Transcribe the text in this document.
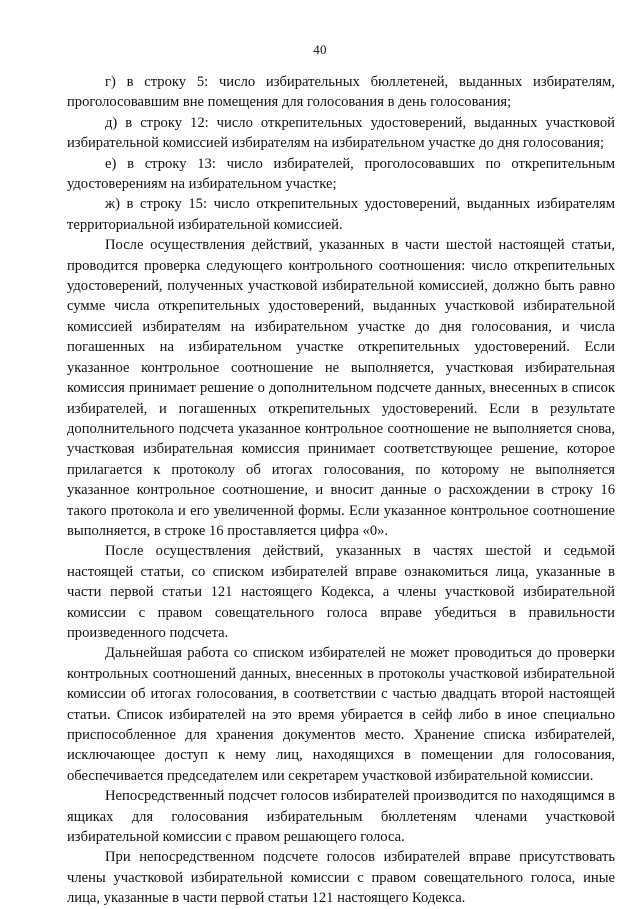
40

г) в строку 5: число избирательных бюллетеней, выданных избирателям, проголосовавшим вне помещения для голосования в день голосования;

д) в строку 12: число открепительных удостоверений, выданных участковой избирательной комиссией избирателям на избирательном участке до дня голосования;

е) в строку 13: число избирателей, проголосовавших по открепительным удостоверениям на избирательном участке;

ж) в строку 15: число открепительных удостоверений, выданных избирателям территориальной избирательной комиссией.

После осуществления действий, указанных в части шестой настоящей статьи, проводится проверка следующего контрольного соотношения: число открепительных удостоверений, полученных участковой избирательной комиссией, должно быть равно сумме числа открепительных удостоверений, выданных участковой избирательной комиссией избирателям на избирательном участке до дня голосования, и числа погашенных на избирательном участке открепительных удостоверений. Если указанное контрольное соотношение не выполняется, участковая избирательная комиссия принимает решение о дополнительном подсчете данных, внесенных в список избирателей, и погашенных открепительных удостоверений. Если в результате дополнительного подсчета указанное контрольное соотношение не выполняется снова, участковая избирательная комиссия принимает соответствующее решение, которое прилагается к протоколу об итогах голосования, по которому не выполняется указанное контрольное соотношение, и вносит данные о расхождении в строку 16 такого протокола и его увеличенной формы. Если указанное контрольное соотношение выполняется, в строке 16 проставляется цифра «0».

После осуществления действий, указанных в частях шестой и седьмой настоящей статьи, со списком избирателей вправе ознакомиться лица, указанные в части первой статьи 121 настоящего Кодекса, а члены участковой избирательной комиссии с правом совещательного голоса вправе убедиться в правильности произведенного подсчета.

Дальнейшая работа со списком избирателей не может проводиться до проверки контрольных соотношений данных, внесенных в протоколы участковой избирательной комиссии об итогах голосования, в соответствии с частью двадцать второй настоящей статьи. Список избирателей на это время убирается в сейф либо в иное специально приспособленное для хранения документов место. Хранение списка избирателей, исключающее доступ к нему лиц, находящихся в помещении для голосования, обеспечивается председателем или секретарем участковой избирательной комиссии.

Непосредственный подсчет голосов избирателей производится по находящимся в ящиках для голосования избирательным бюллетеням членами участковой избирательной комиссии с правом решающего голоса.

При непосредственном подсчете голосов избирателей вправе присутствовать члены участковой избирательной комиссии с правом совещательного голоса, иные лица, указанные в части первой статьи 121 настоящего Кодекса.
